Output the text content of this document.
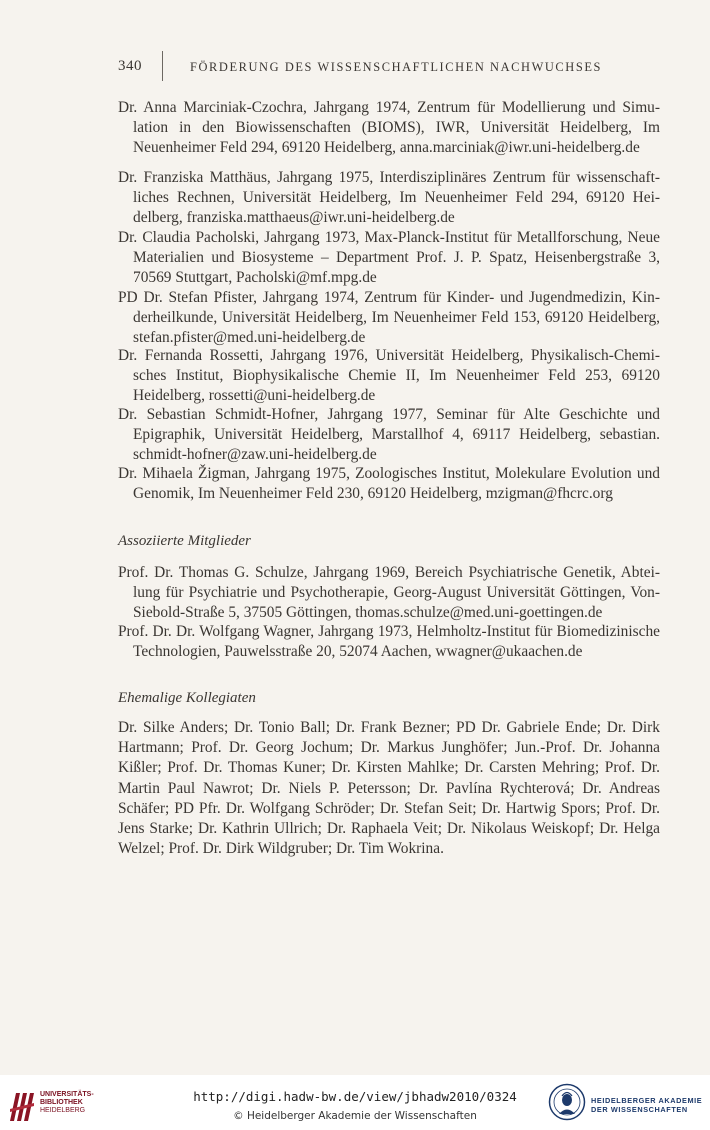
340	FÖRDERUNG DES WISSENSCHAFTLICHEN NACHWUCHSES
Dr. Anna Marciniak-Czochra, Jahrgang 1974, Zentrum für Modellierung und Simulation in den Biowissenschaften (BIOMS), IWR, Universität Heidelberg, Im Neuenheimer Feld 294, 69120 Heidelberg, anna.marciniak@iwr.uni-heidelberg.de
Dr. Franziska Matthäus, Jahrgang 1975, Interdisziplinäres Zentrum für wissenschaftliches Rechnen, Universität Heidelberg, Im Neuenheimer Feld 294, 69120 Heidelberg, franziska.matthaeus@iwr.uni-heidelberg.de
Dr. Claudia Pacholski, Jahrgang 1973, Max-Planck-Institut für Metallforschung, Neue Materialien und Biosysteme – Department Prof. J. P. Spatz, Heisenbergstraße 3, 70569 Stuttgart, Pacholski@mf.mpg.de
PD Dr. Stefan Pfister, Jahrgang 1974, Zentrum für Kinder- und Jugendmedizin, Kinderheilkunde, Universität Heidelberg, Im Neuenheimer Feld 153, 69120 Heidelberg, stefan.pfister@med.uni-heidelberg.de
Dr. Fernanda Rossetti, Jahrgang 1976, Universität Heidelberg, Physikalisch-Chemisches Institut, Biophysikalische Chemie II, Im Neuenheimer Feld 253, 69120 Heidelberg, rossetti@uni-heidelberg.de
Dr. Sebastian Schmidt-Hofner, Jahrgang 1977, Seminar für Alte Geschichte und Epigraphik, Universität Heidelberg, Marstallhof 4, 69117 Heidelberg, sebastian.​schmidt-hofner@zaw.uni-heidelberg.de
Dr. Mihaela Žigman, Jahrgang 1975, Zoologisches Institut, Molekulare Evolution und Genomik, Im Neuenheimer Feld 230, 69120 Heidelberg, mzigman@fhcrc.org
Assoziierte Mitglieder
Prof. Dr. Thomas G. Schulze, Jahrgang 1969, Bereich Psychiatrische Genetik, Abteilung für Psychiatrie und Psychotherapie, Georg-August Universität Göttingen, Von-Siebold-Straße 5, 37505 Göttingen, thomas.schulze@med.uni-goettingen.de
Prof. Dr. Dr. Wolfgang Wagner, Jahrgang 1973, Helmholtz-Institut für Biomedizinische Technologien, Pauwelsstraße 20, 52074 Aachen, wwagner@ukaachen.de
Ehemalige Kollegiaten
Dr. Silke Anders; Dr. Tonio Ball; Dr. Frank Bezner; PD Dr. Gabriele Ende; Dr. Dirk Hartmann; Prof. Dr. Georg Jochum; Dr. Markus Junghöfer; Jun.-Prof. Dr. Johanna Kißler; Prof. Dr. Thomas Kuner; Dr. Kirsten Mahlke; Dr. Carsten Mehring; Prof. Dr. Martin Paul Nawrot; Dr. Niels P. Petersson; Dr. Pavlína Rychterová; Dr. Andreas Schäfer; PD Pfr. Dr. Wolfgang Schröder; Dr. Stefan Seit; Dr. Hartwig Spors; Prof. Dr. Jens Starke; Dr. Kathrin Ullrich; Dr. Raphaela Veit; Dr. Nikolaus Weiskopf; Dr. Helga Welzel; Prof. Dr. Dirk Wildgruber; Dr. Tim Wokrina.
UNIVERSITÄTS-
BIBLIOTHEK
HEIDELBERG
http://digi.hadw-bw.de/view/jbhadw2010/0324
© Heidelberger Akademie der Wissenschaften
HEIDELBERGER AKADEMIE
DER WISSENSCHAFTEN
